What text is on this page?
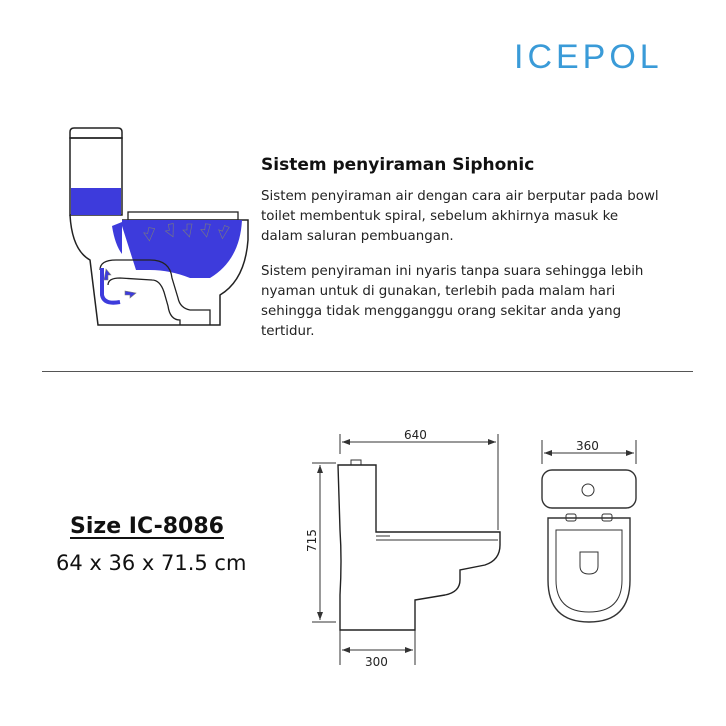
ICEPOL
Sistem penyiraman Siphonic
Sistem penyiraman air dengan cara air berputar pada bowl toilet membentuk spiral, sebelum akhirnya masuk ke dalam saluran pembuangan.
Sistem penyiraman ini nyaris tanpa suara sehingga lebih nyaman untuk di gunakan, terlebih pada malam hari sehingga tidak mengganggu orang sekitar anda yang tertidur.
Size IC-8086
64 x 36 x 71.5 cm
640
715
300
360
